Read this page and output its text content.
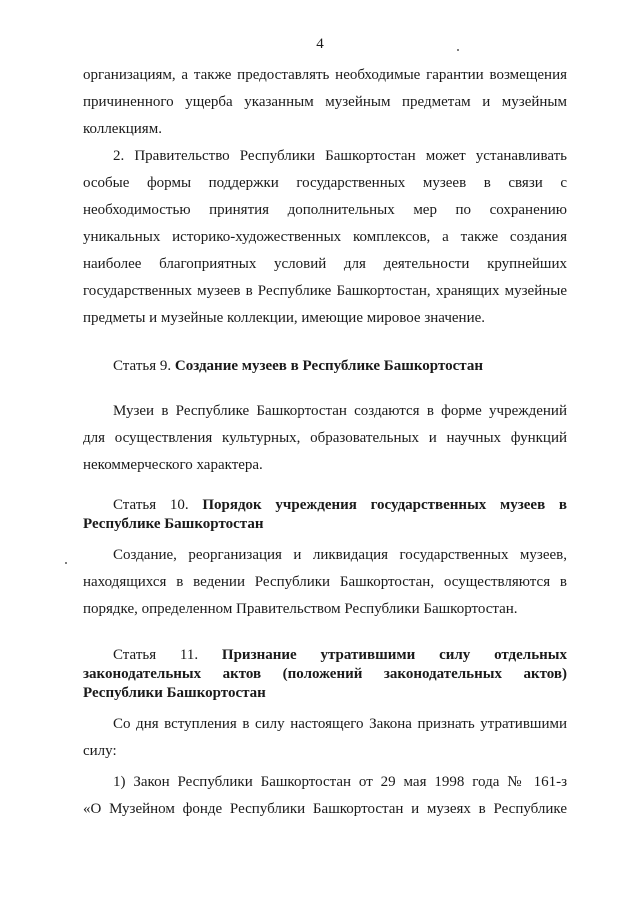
4
организациям, а также предоставлять необходимые гарантии возмещения
причиненного ущерба указанным музейным предметам и музейным
коллекциям.
2. Правительство Республики Башкортостан может устанавливать
особые формы поддержки государственных музеев в связи с
необходимостью принятия дополнительных мер по сохранению
уникальных историко-художественных комплексов, а также создания
наиболее благоприятных условий для деятельности крупнейших
государственных музеев в Республике Башкортостан, хранящих музейные
предметы и музейные коллекции, имеющие мировое значение.
Статья 9. Создание музеев в Республике Башкортостан
Музеи в Республике Башкортостан создаются в форме учреждений
для осуществления культурных, образовательных и научных функций
некоммерческого характера.
Статья 10. Порядок учреждения государственных музеев в
Республике Башкортостан
Создание, реорганизация и ликвидация государственных музеев,
находящихся в ведении Республики Башкортостан, осуществляются в
порядке, определенном Правительством Республики Башкортостан.
Статья 11. Признание утратившими силу отдельных
законодательных актов (положений законодательных актов)
Республики Башкортостан
Со дня вступления в силу настоящего Закона признать утратившими
силу:
1) Закон Республики Башкортостан от 29 мая 1998 года № 161-з
«О Музейном фонде Республики Башкортостан и музеях в Республике
